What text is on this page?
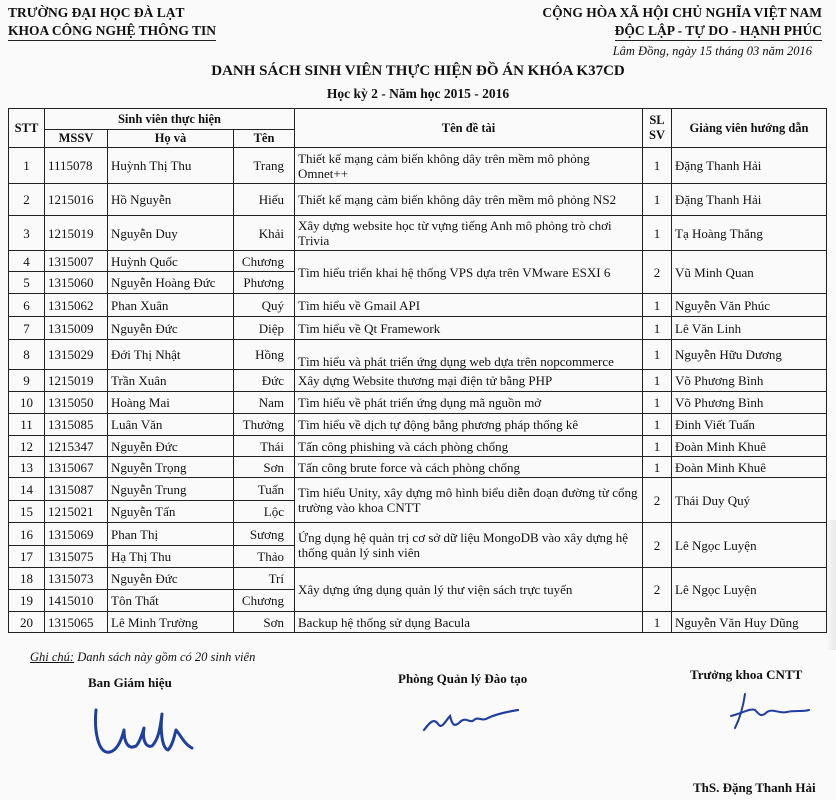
TRƯỜNG ĐẠI HỌC ĐÀ LẠT
KHOA CÔNG NGHỆ THÔNG TIN
CỘNG HÒA XÃ HỘI CHỦ NGHĨA VIỆT NAM
ĐỘC LẬP - TỰ DO - HẠNH PHÚC
Lâm Đồng, ngày 15 tháng 03 năm 2016
DANH SÁCH SINH VIÊN THỰC HIỆN ĐỒ ÁN KHÓA K37CD
Học kỳ 2 - Năm học 2015 - 2016
STT	Sinh viên thực hiện			Tên đề tài	SL SV	Giảng viên hướng dẫn
	MSSV	Họ và	Tên			
1	1115078	Huỳnh Thị Thu	Trang	Thiết kế mạng cảm biến không dây trên mềm mô phỏng Omnet++	1	Đặng Thanh Hải
2	1215016	Hồ Nguyễn	Hiếu	Thiết kế mạng cảm biến không dây trên mềm mô phỏng NS2	1	Đặng Thanh Hải
3	1215019	Nguyễn Duy	Khải	Xây dựng website học từ vựng tiếng Anh mô phỏng trò chơi Trivia	1	Tạ Hoàng Thắng
4	1315007	Huỳnh Quốc	Chương	Tìm hiểu triển khai hệ thống VPS dựa trên VMware ESXI 6	2	Vũ Minh Quan
5	1315060	Nguyễn Hoàng Đức	Phương			
6	1315062	Phan Xuân	Quý	Tìm hiểu về Gmail API	1	Nguyễn Văn Phúc
7	1315009	Nguyễn Đức	Diệp	Tìm hiểu về Qt Framework	1	Lê Văn Linh
8	1315029	Đới Thị Nhật	Hồng	Tìm hiểu và phát triển ứng dụng web dựa trên nopcommerce	1	Nguyễn Hữu Dương
9	1215019	Trần Xuân	Đức	Xây dựng Website thương mại điện tử bằng PHP	1	Võ Phương Bình
10	1315050	Hoàng Mai	Nam	Tìm hiểu về phát triển ứng dụng mã nguồn mở	1	Võ Phương Bình
11	1315085	Luân Văn	Thưởng	Tìm hiểu về dịch tự động bằng phương pháp thống kê	1	Đinh Viết Tuấn
12	1215347	Nguyễn Đức	Thái	Tấn công phishing và cách phòng chống	1	Đoàn Minh Khuê
13	1315067	Nguyễn Trọng	Sơn	Tấn công brute force và cách phòng chống	1	Đoàn Minh Khuê
14	1315087	Nguyễn Trung	Tuấn	Tìm hiểu Unity, xây dựng mô hình biểu diễn đoạn đường từ cổng trường vào khoa CNTT	2	Thái Duy Quý
15	1215021	Nguyễn Tấn	Lộc			
16	1315069	Phan Thị	Sương	Ứng dụng hệ quản trị cơ sở dữ liệu MongoDB vào xây dựng hệ thống quản lý sinh viên	2	Lê Ngọc Luyện
17	1315075	Hạ Thị Thu	Thảo			
18	1315073	Nguyễn Đức	Trí	Xây dựng ứng dụng quản lý thư viện sách trực tuyến	2	Lê Ngọc Luyện
19	1415010	Tôn Thất	Chương			
20	1315065	Lê Minh Trường	Sơn	Backup hệ thống sử dụng Bacula	1	Nguyễn Văn Huy Dũng
Ghi chú: Danh sách này gồm có 20 sinh viên
Ban Giám hiệu	Phòng Quản lý Đào tạo	Trưởng khoa CNTT
ThS. Đặng Thanh Hải
